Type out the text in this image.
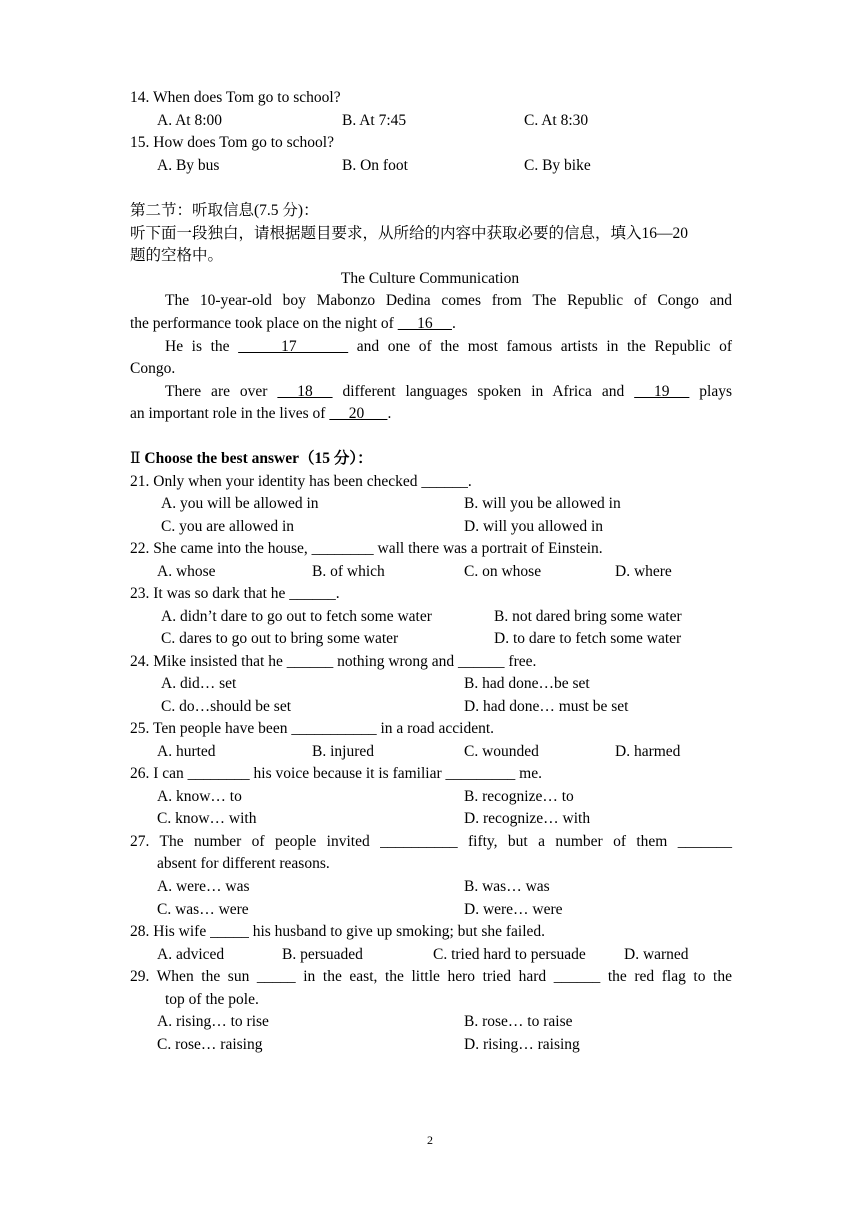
14. When does Tom go to school?
A. At 8:00	B. At 7:45	C. At 8:30
15. How does Tom go to school?
A. By bus	B. On foot	C. By bike
第二节：听取信息(7.5 分)：
听下面一段独白，请根据题目要求，从所给的内容中获取必要的信息，填入16—20
题的空格中。
The Culture Communication
The 10-year-old boy Mabonzo Dedina comes from The Republic of Congo and
the performance took place on the night of      16     .
He is the      17       and one of the most famous artists in the Republic of
Congo.
There are over   18   different languages spoken in Africa and   19   plays
an important role in the lives of      20      .
Ⅱ Choose the best answer（15 分）：
21. Only when your identity has been checked ______.
A. you will be allowed in	B. will you be allowed in
C. you are allowed in	D. will you allowed in
22. She came into the house, ________ wall there was a portrait of Einstein.
A. whose	B. of which	C. on whose	D. where
23. It was so dark that he ______.
A. didn’t dare to go out to fetch some water	B. not dared bring some water
C. dares to go out to bring some water	D. to dare to fetch some water
24. Mike insisted that he ______ nothing wrong and ______ free.
A. did… set	B. had done…be set
C. do…should be set	D. had done… must be set
25. Ten people have been ___________ in a road accident.
A. hurted	B. injured	C. wounded	D. harmed
26. I can ________ his voice because it is familiar _________ me.
A. know… to	B. recognize… to
C. know… with	D. recognize… with
27. The number of people invited __________ fifty, but a number of them _______
absent for different reasons.
A. were… was	B. was… was
C. was… were	D. were… were
28. His wife _____ his husband to give up smoking; but she failed.
A. adviced	B. persuaded	C. tried hard to persuade D. warned
29. When the sun _____ in the east, the little hero tried hard ______ the red flag to the
top of the pole.
A. rising… to rise	B. rose… to raise
C. rose… raising	D. rising… raising
2
